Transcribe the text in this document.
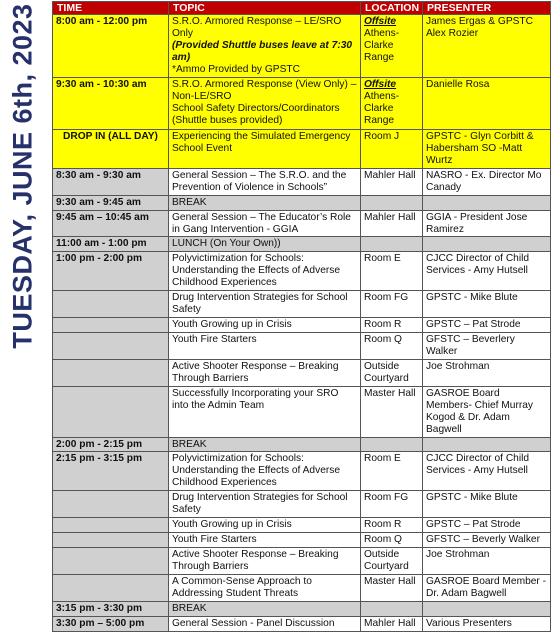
TUESDAY, JUNE 6th, 2023 TIME	TOPIC	LOCATION	PRESENTER
8:00 am - 12:00 pm	S.R.O. Armored Response – LE/SRO Only
(Provided Shuttle buses leave at 7:30 am)
*Ammo Provided by GPSTC	Offsite
Athens-Clarke Range	James Ergas & GPSTC Alex Rozier
9:30 am - 10:30 am	S.R.O. Armored Response (View Only) – Non-LE/SRO
School Safety Directors/Coordinators
(Shuttle buses provided)	Offsite
Athens-Clarke Range	Danielle Rosa
DROP IN (ALL DAY)	Experiencing the Simulated Emergency School Event	Room J	GPSTC - Glyn Corbitt & Habersham SO -Matt Wurtz
8:30 am - 9:30 am	General Session – The S.R.O. and the Prevention of Violence in Schools”	Mahler Hall	NASRO - Ex. Director Mo Canady
9:30 am - 9:45 am	BREAK		
9:45 am – 10:45 am	General Session – The Educator’s Role in Gang Intervention - GGIA	Mahler Hall	GGIA - President Jose Ramirez
11:00 am - 1:00 pm	LUNCH (On Your Own))		
1:00 pm - 2:00 pm	Polyvictimization for Schools: Understanding the Effects of Adverse Childhood Experiences	Room E	CJCC Director of Child Services - Amy Hutsell
	Drug Intervention Strategies for School Safety	Room FG	GPSTC - Mike Blute
	Youth Growing up in Crisis	Room R	GPSTC – Pat Strode
	Youth Fire Starters	Room Q	GFSTC – Beverlery Walker
	Active Shooter Response – Breaking Through Barriers	Outside Courtyard	Joe Strohman
	Successfully Incorporating your SRO into the Admin Team	Master Hall	GASROE Board Members- Chief Murray Kogod & Dr. Adam Bagwell
2:00 pm - 2:15 pm	BREAK		
2:15 pm - 3:15 pm	Polyvictimization for Schools: Understanding the Effects of Adverse Childhood Experiences	Room E	CJCC Director of Child Services - Amy Hutsell
	Drug Intervention Strategies for School Safety	Room FG	GPSTC - Mike Blute
	Youth Growing up in Crisis	Room R	GPSTC – Pat Strode
	Youth Fire Starters	Room Q	GFSTC – Beverly Walker
	Active Shooter Response – Breaking Through Barriers	Outside Courtyard	Joe Strohman
	A Common-Sense Approach to Addressing Student Threats	Master Hall	GASROE Board Member - Dr. Adam Bagwell
3:15 pm - 3:30 pm	BREAK		
3:30 pm – 5:00 pm	General Session - Panel Discussion	Mahler Hall	Various Presenters
